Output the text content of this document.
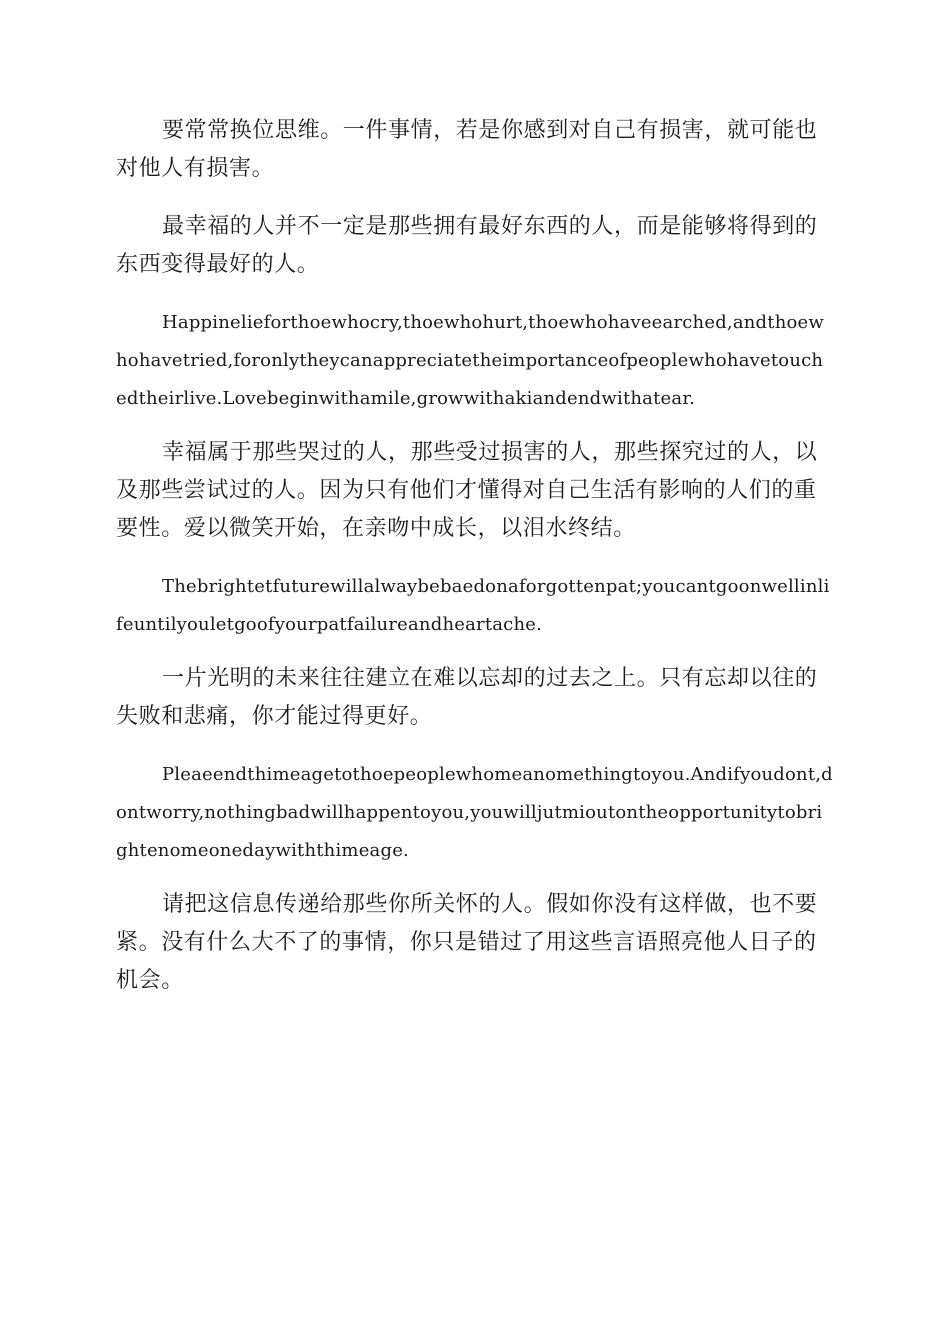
要常常换位思维。一件事情，若是你感到对自己有损害，就可能也对他人有损害。

最幸福的人并不一定是那些拥有最好东西的人，而是能够将得到的东西变得最好的人。

Happinelieforthoewhocry,thoewhohurt,thoewhohaveearched,andthoewhohavetried,foronlytheycanappreciatetheimportanceofpeoplewhohavetouchedtheirlive.Lovebeginwithamile,growwithakiandendwithatear.

幸福属于那些哭过的人，那些受过损害的人，那些探究过的人，以及那些尝试过的人。因为只有他们才懂得对自己生活有影响的人们的重要性。爱以微笑开始，在亲吻中成长，以泪水终结。

Thebrightetfuturewillalwaybebaedonaforgottenpat;youcantgoonwellinlifeuntilyouletgoofyourpatfailureandheartache.

一片光明的未来往往建立在难以忘却的过去之上。只有忘却以往的失败和悲痛，你才能过得更好。

Pleaeendthimeagetothoepeoplewhomeanomethingtoyou.Andifyoudont,dontworry,nothingbadwillhappentoyou,youwilljutmioutontheopportunitytobrightenomeonedaywiththimeage.

请把这信息传递给那些你所关怀的人。假如你没有这样做，也不要紧。没有什么大不了的事情，你只是错过了用这些言语照亮他人日子的机会。
